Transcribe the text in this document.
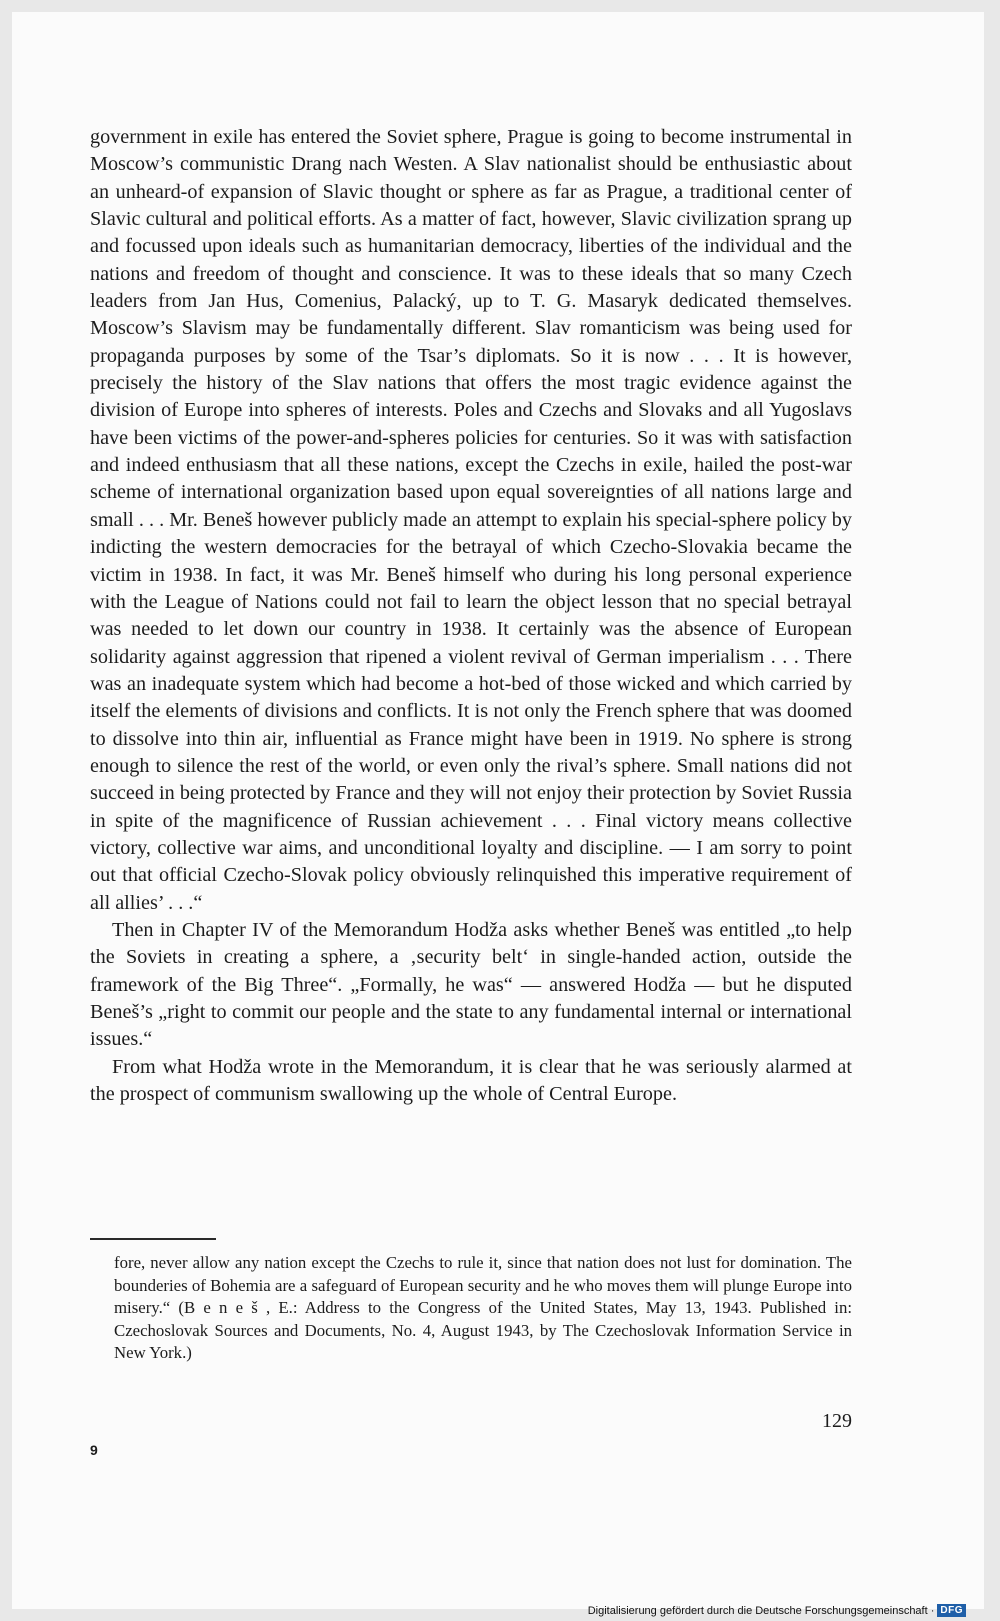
government in exile has entered the Soviet sphere, Prague is going to become instrumental in Moscow’s communistic Drang nach Westen. A Slav nationalist should be enthusiastic about an unheard-of expansion of Slavic thought or sphere as far as Prague, a traditional center of Slavic cultural and political efforts. As a matter of fact, however, Slavic civilization sprang up and focussed upon ideals such as humanitarian democracy, liberties of the individual and the nations and freedom of thought and conscience. It was to these ideals that so many Czech leaders from Jan Hus, Comenius, Palacký, up to T. G. Masaryk dedicated themselves. Moscow’s Slavism may be fundamentally different. Slav romanticism was being used for propaganda purposes by some of the Tsar’s diplomats. So it is now . . . It is however, precisely the history of the Slav nations that offers the most tragic evidence against the division of Europe into spheres of interests. Poles and Czechs and Slovaks and all Yugoslavs have been victims of the power-and-spheres policies for centuries. So it was with satisfaction and indeed enthusiasm that all these nations, except the Czechs in exile, hailed the post-war scheme of international organization based upon equal sovereignties of all nations large and small . . . Mr. Beneš however publicly made an attempt to explain his special-sphere policy by indicting the western democracies for the betrayal of which Czecho-Slovakia became the victim in 1938. In fact, it was Mr. Beneš himself who during his long personal experience with the League of Nations could not fail to learn the object lesson that no special betrayal was needed to let down our country in 1938. It certainly was the absence of European solidarity against aggression that ripened a violent revival of German imperialism . . . There was an inadequate system which had become a hot-bed of those wicked and which carried by itself the elements of divisions and conflicts. It is not only the French sphere that was doomed to dissolve into thin air, influential as France might have been in 1919. No sphere is strong enough to silence the rest of the world, or even only the rival’s sphere. Small nations did not succeed in being protected by France and they will not enjoy their protection by Soviet Russia in spite of the magnificence of Russian achievement . . . Final victory means collective victory, collective war aims, and unconditional loyalty and discipline. — I am sorry to point out that official Czecho-Slovak policy obviously relinquished this imperative requirement of all allies’ . . .“

Then in Chapter IV of the Memorandum Hodža asks whether Beneš was entitled „to help the Soviets in creating a sphere, a ‚security belt‘ in single-handed action, outside the framework of the Big Three“. „Formally, he was“ — answered Hodža — but he disputed Beneš’s „right to commit our people and the state to any fundamental internal or international issues.“

From what Hodža wrote in the Memorandum, it is clear that he was seriously alarmed at the prospect of communism swallowing up the whole of Central Europe.

fore, never allow any nation except the Czechs to rule it, since that nation does not lust for domination. The bounderies of Bohemia are a safeguard of European security and he who moves them will plunge Europe into misery.“ (B e n e š , E.: Address to the Congress of the United States, May 13, 1943. Published in: Czechoslovak Sources and Documents, No. 4, August 1943, by The Czechoslovak Information Service in New York.)

129
9
Digitalisierung gefördert durch die Deutsche Forschungsgemeinschaft · DFG
